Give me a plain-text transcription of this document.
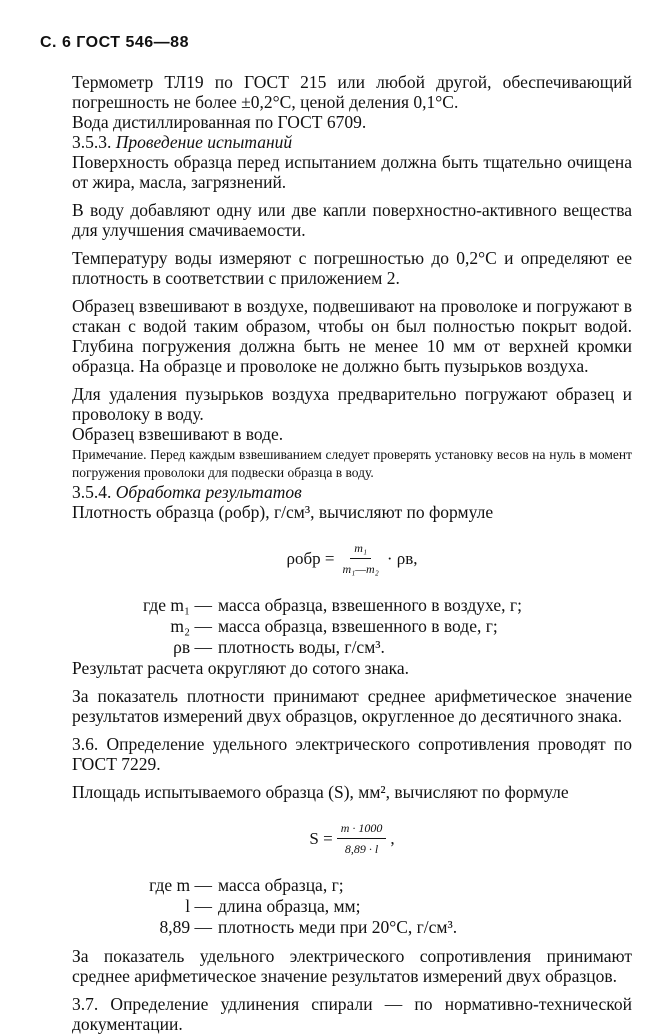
С. 6 ГОСТ 546—88

Термометр ТЛ19 по ГОСТ 215 или любой другой, обеспечивающий погрешность не более ±0,2°С, ценой деления 0,1°С.

Вода дистиллированная по ГОСТ 6709.

3.5.3. Проведение испытаний

Поверхность образца перед испытанием должна быть тщательно очищена от жира, масла, загрязнений.

В воду добавляют одну или две капли поверхностно-активного вещества для улучшения смачиваемости.

Температуру воды измеряют с погрешностью до 0,2°С и определяют ее плотность в соответствии с приложением 2.

Образец взвешивают в воздухе, подвешивают на проволоке и погружают в стакан с водой таким образом, чтобы он был полностью покрыт водой. Глубина погружения должна быть не менее 10 мм от верхней кромки образца. На образце и проволоке не должно быть пузырьков воздуха.

Для удаления пузырьков воздуха предварительно погружают образец и проволоку в воду.

Образец взвешивают в воде.

Примечание. Перед каждым взвешиванием следует проверять установку весов на нуль в момент погружения проволоки для подвески образца в воду.

3.5.4. Обработка результатов

Плотность образца (ρобр), г/см³, вычисляют по формуле

$\rho обр = \frac{\text{m₁}}{\text{m₁—m₂}} \cdot \rho в$,
где m₁ — масса образца, взвешенного в воздухе, г;
m₂ — масса образца, взвешенного в воде, г;
ρв — плотность воды, г/см³.

Результат расчета округляют до сотого знака.

За показатель плотности принимают среднее арифметическое значение результатов измерений двух образцов, округленное до десятичного знака.

3.6. Определение удельного электрического сопротивления проводят по ГОСТ 7229.

Площадь испытываемого образца (S), мм², вычисляют по формуле

$S = \frac{m \cdot 1000}{8,89 \cdot l}$ ,
где m — масса образца, г;
l — длина образца, мм;
8,89 — плотность меди при 20°С, г/см³.

За показатель удельного электрического сопротивления принимают среднее арифметическое значение результатов измерений двух образцов.

3.7. Определение удлинения спирали — по нормативно-технической документации.
